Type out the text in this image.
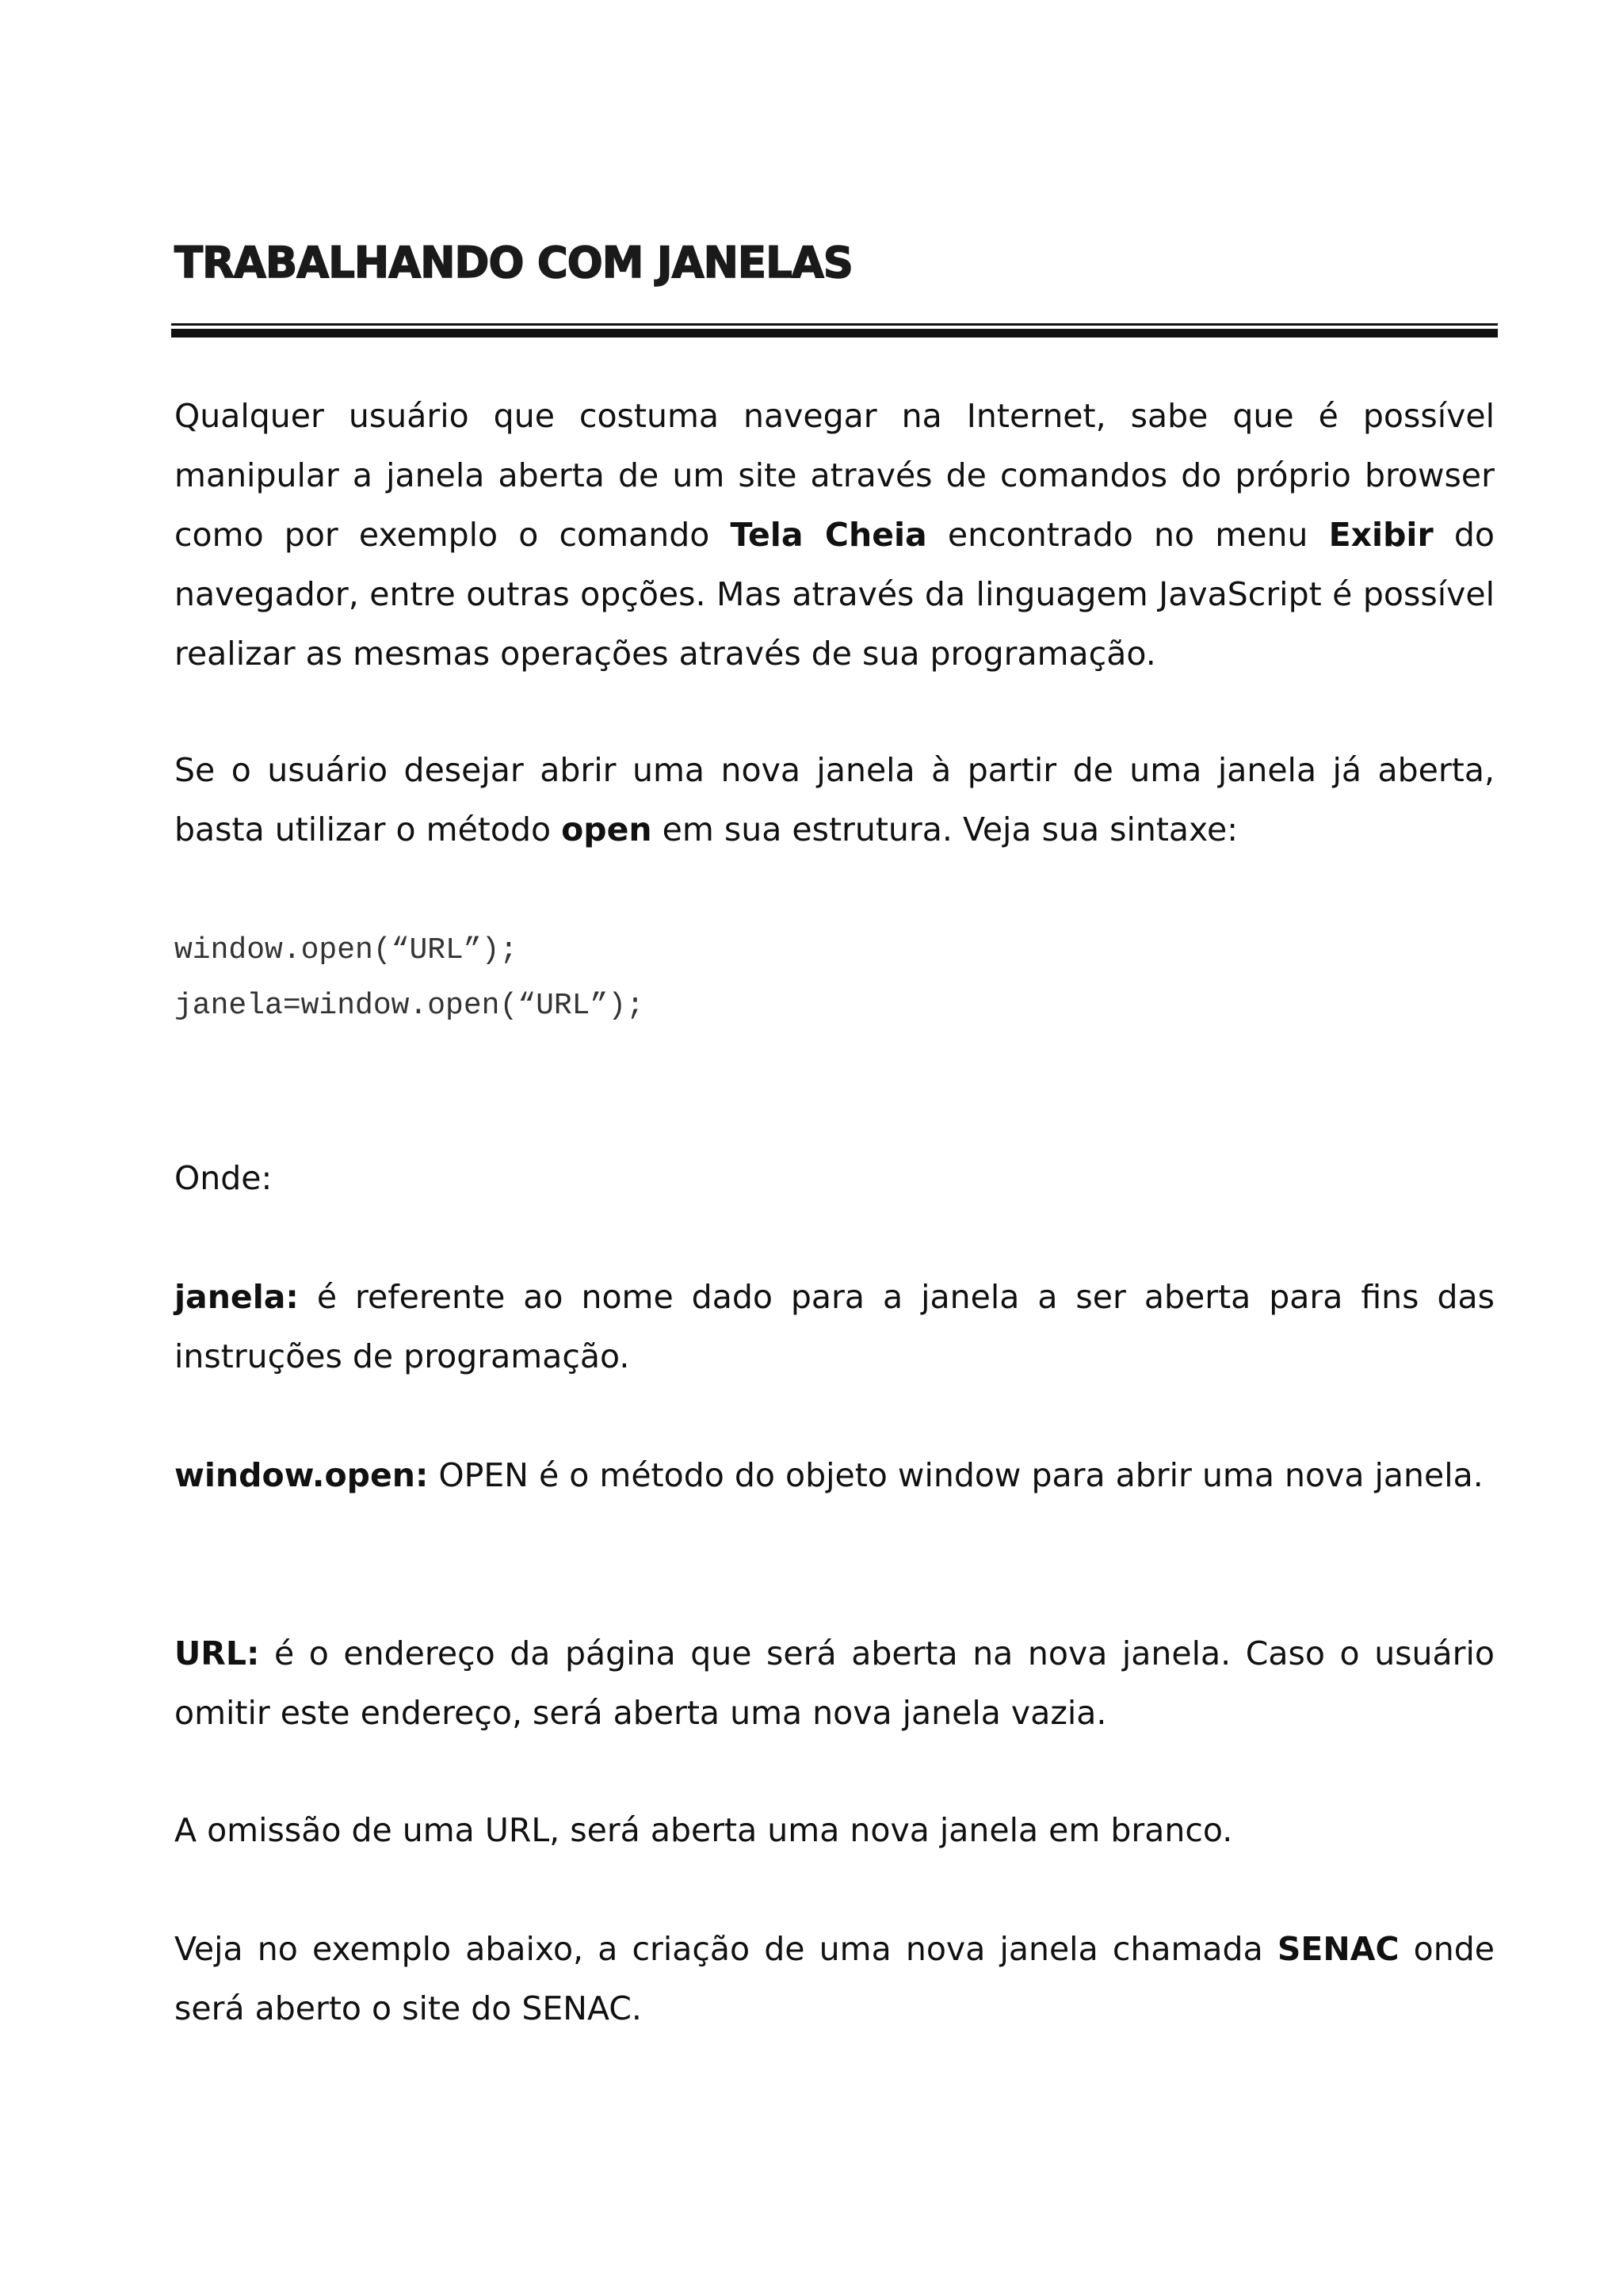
TRABALHANDO COM JANELAS

Qualquer usuário que costuma navegar na Internet, sabe que é possível manipular a janela aberta de um site através de comandos do próprio browser como por exemplo o comando Tela Cheia encontrado no menu Exibir do navegador, entre outras opções. Mas através da linguagem JavaScript é possível realizar as mesmas operações através de sua programação.

Se o usuário desejar abrir uma nova janela à partir de uma janela já aberta, basta utilizar o método open em sua estrutura. Veja sua sintaxe:

window.open(“URL”);
janela=window.open(“URL”);

Onde:

janela: é referente ao nome dado para a janela a ser aberta para fins das instruções de programação.

window.open: OPEN é o método do objeto window para abrir uma nova janela.

URL: é o endereço da página que será aberta na nova janela. Caso o usuário omitir este endereço, será aberta uma nova janela vazia.

A omissão de uma URL, será aberta uma nova janela em branco.

Veja no exemplo abaixo, a criação de uma nova janela chamada SENAC onde será aberto o site do SENAC.
